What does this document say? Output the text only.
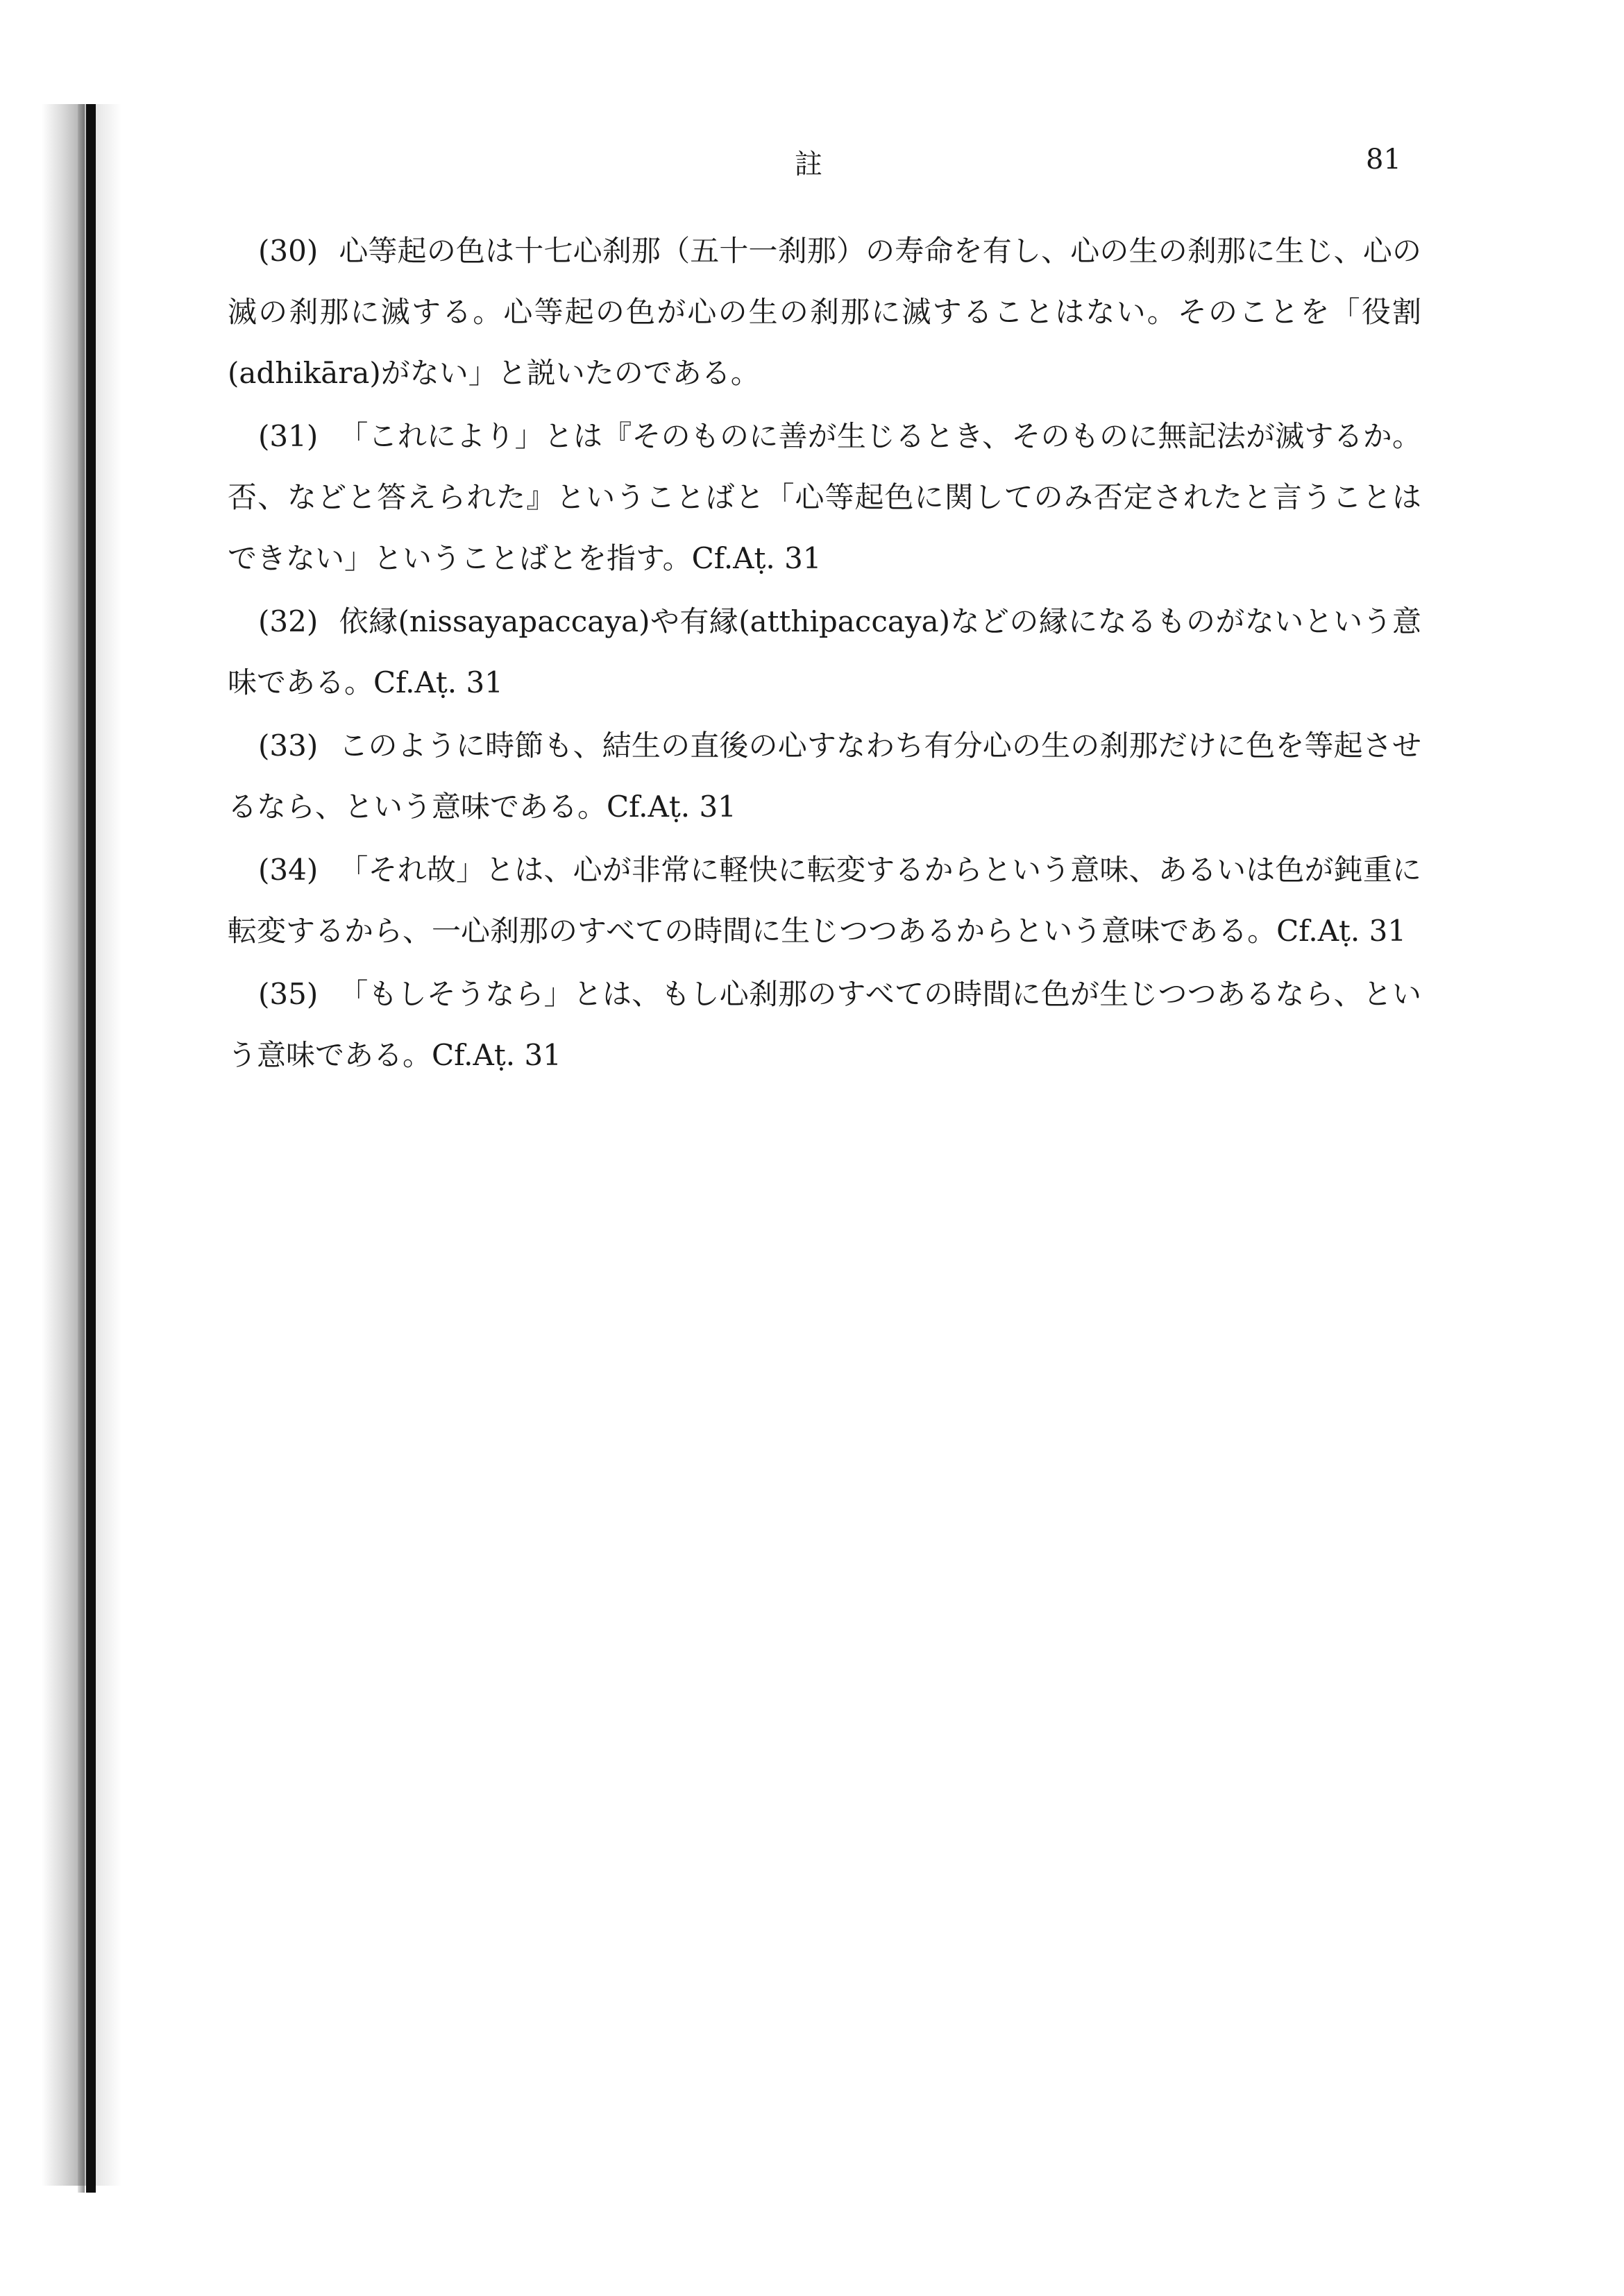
註	81

(30) 心等起の色は十七心刹那（五十一刹那）の寿命を有し、心の生の刹那に生じ、心の滅の刹那に滅する。心等起の色が心の生の刹那に滅することはない。そのことを「役割(adhikāra)がない」と説いたのである。

(31) 「これにより」とは『そのものに善が生じるとき、そのものに無記法が滅するか。否、などと答えられた』ということばと「心等起色に関してのみ否定されたと言うことはできない」ということばとを指す。Cf.Aṭ. 31

(32) 依縁(nissayapaccaya)や有縁(atthipaccaya)などの縁になるものがないという意味である。Cf.Aṭ. 31

(33) このように時節も、結生の直後の心すなわち有分心の生の刹那だけに色を等起させるなら、という意味である。Cf.Aṭ. 31

(34) 「それ故」とは、心が非常に軽快に転変するからという意味、あるいは色が鈍重に転変するから、一心刹那のすべての時間に生じつつあるからという意味である。Cf.Aṭ. 31

(35) 「もしそうなら」とは、もし心刹那のすべての時間に色が生じつつあるなら、という意味である。Cf.Aṭ. 31
